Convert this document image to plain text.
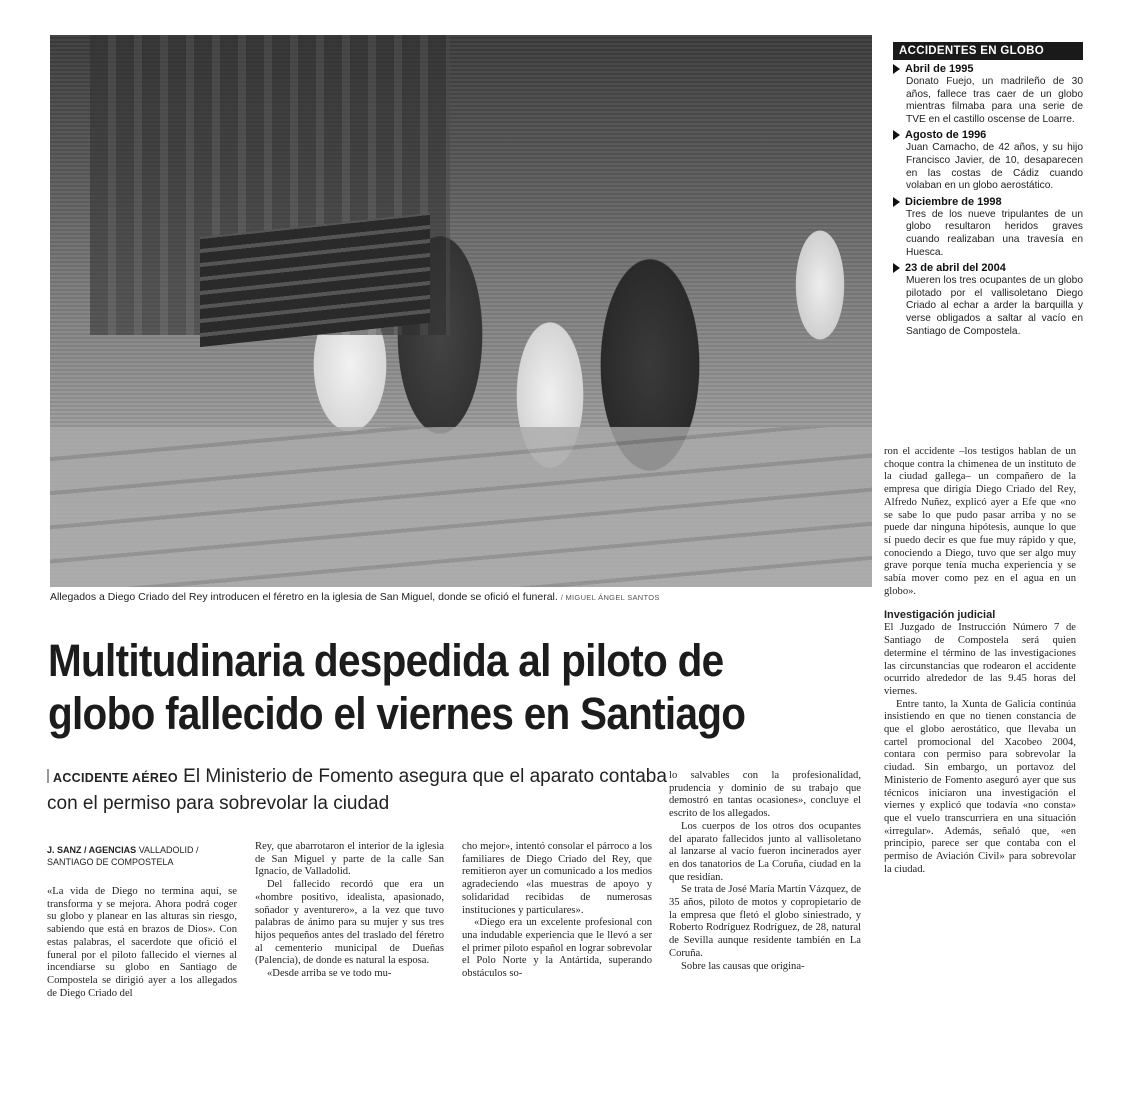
Allegados a Diego Criado del Rey introducen el féretro en la iglesia de San Miguel, donde se ofició el funeral. / MIGUEL ÁNGEL SANTOS
ACCIDENTES EN GLOBO
Abril de 1995
Donato Fuejo, un madrileño de 30 años, fallece tras caer de un globo mientras filmaba para una serie de TVE en el castillo oscense de Loarre.
Agosto de 1996
Juan Camacho, de 42 años, y su hijo Francisco Javier, de 10, desaparecen en las costas de Cádiz cuando volaban en un globo aerostático.
Diciembre de 1998
Tres de los nueve tripulantes de un globo resultaron heridos graves cuando realizaban una travesía en Huesca.
23 de abril del 2004
Mueren los tres ocupantes de un globo pilotado por el vallisoletano Diego Criado al echar a arder la barquilla y verse obligados a saltar al vacío en Santiago de Compostela.

ron el accidente –los testigos hablan de un choque contra la chimenea de un instituto de la ciudad gallega– un compañero de la empresa que dirigía Diego Criado del Rey, Alfredo Nuñez, explicó ayer a Efe que «no se sabe lo que pudo pasar arriba y no se puede dar ninguna hipótesis, aunque lo que sí puedo decir es que fue muy rápido y que, conociendo a Diego, tuvo que ser algo muy grave porque tenía mucha experiencia y se sabía mover como pez en el agua en un globo».

Investigación judicial

El Juzgado de Instrucción Número 7 de Santiago de Compostela será quien determine el término de las investigaciones las circunstancias que rodearon el accidente ocurrido alrededor de las 9.45 horas del viernes.

Entre tanto, la Xunta de Galicia continúa insistiendo en que no tienen constancia de que el globo aerostático, que llevaba un cartel promocional del Xacobeo 2004, contara con permiso para sobrevolar la ciudad. Sin embargo, un portavoz del Ministerio de Fomento aseguró ayer que sus técnicos iniciaron una investigación el viernes y explicó que todavía «no consta» que el vuelo transcurriera en una situación «irregular». Además, señaló que, «en principio, parece ser que contaba con el permiso de Aviación Civil» para sobrevolar la ciudad.

Multitudinaria despedida al piloto de globo fallecido el viernes en Santiago
ACCIDENTE AÉREO El Ministerio de Fomento asegura que el aparato contaba con el permiso para sobrevolar la ciudad
J. SANZ / AGENCIAS VALLADOLID / SANTIAGO DE COMPOSTELA

«La vida de Diego no termina aquí, se transforma y se mejora. Ahora podrá coger su globo y planear en las alturas sin riesgo, sabiendo que está en brazos de Dios». Con estas palabras, el sacerdote que ofició el funeral por el piloto fallecido el viernes al incendiarse su globo en Santiago de Compostela se dirigió ayer a los allegados de Diego Criado del

Rey, que abarrotaron el interior de la iglesia de San Miguel y parte de la calle San Ignacio, de Valladolid.

Del fallecido recordó que era un «hombre positivo, idealista, apasionado, soñador y aventurero», a la vez que tuvo palabras de ánimo para su mujer y sus tres hijos pequeños antes del traslado del féretro al cementerio municipal de Dueñas (Palencia), de donde es natural la esposa.

«Desde arriba se ve todo mu-

cho mejor», intentó consolar el párroco a los familiares de Diego Criado del Rey, que remitieron ayer un comunicado a los medios agradeciendo «las muestras de apoyo y solidaridad recibidas de numerosas instituciones y particulares».

«Diego era un excelente profesional con una indudable experiencia que le llevó a ser el primer piloto español en lograr sobrevolar el Polo Norte y la Antártida, superando obstáculos so-

lo salvables con la profesionalidad, prudencia y dominio de su trabajo que demostró en tantas ocasiones», concluye el escrito de los allegados.

Los cuerpos de los otros dos ocupantes del aparato fallecidos junto al vallisoletano al lanzarse al vacío fueron incinerados ayer en dos tanatorios de La Coruña, ciudad en la que residían.

Se trata de José María Martín Vázquez, de 35 años, piloto de motos y copropietario de la empresa que fletó el globo siniestrado, y Roberto Rodríguez Rodríguez, de 28, natural de Sevilla aunque residente también en La Coruña.

Sobre las causas que origina-
